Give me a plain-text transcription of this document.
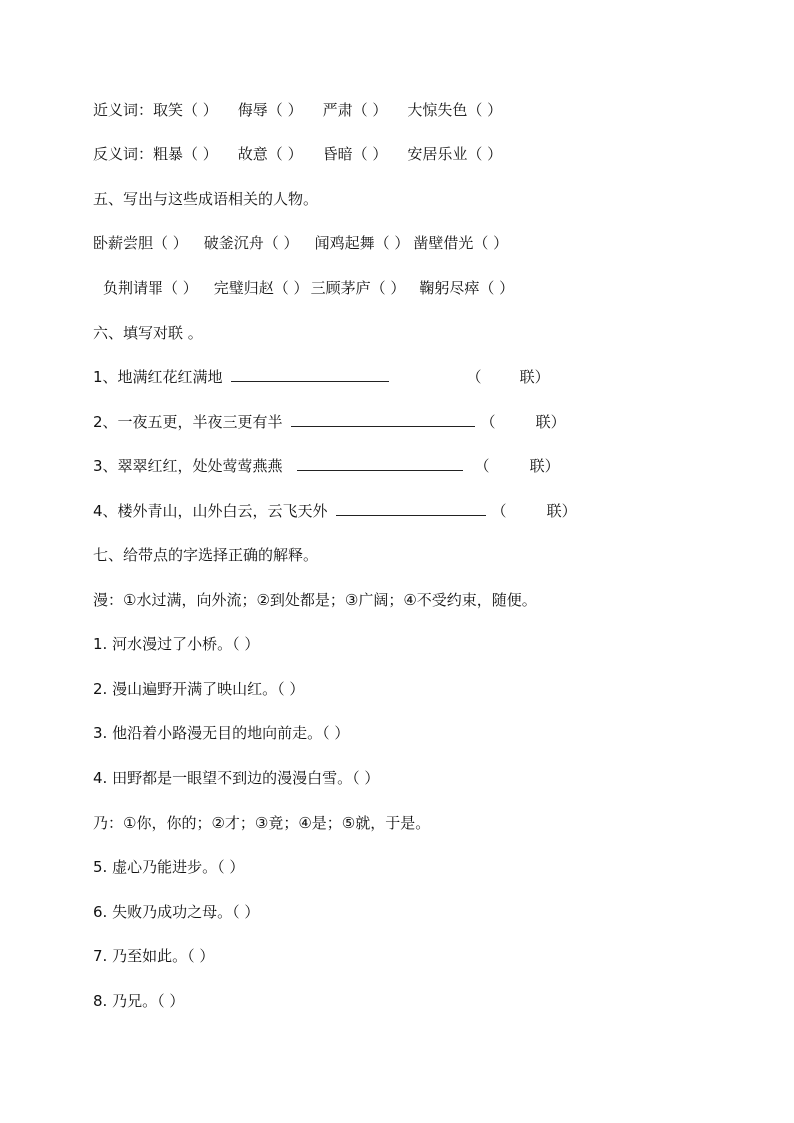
近义词：取笑（ ） 侮辱（ ） 严肃（ ） 大惊失色（ ）
反义词：粗暴（ ） 故意（ ） 昏暗（ ） 安居乐业（ ）
五、写出与这些成语相关的人物。
卧薪尝胆（ ） 破釜沉舟（ ） 闻鸡起舞（ ） 凿壁借光（ ）
负荆请罪（ ） 完璧归赵（ ） 三顾茅庐（ ） 鞠躬尽瘁（ ）
六、填写对联 。
1、地满红花红满地	（	联）
2、一夜五更，半夜三更有半	（	联）
3、翠翠红红，处处莺莺燕燕	（	联）
4、楼外青山，山外白云，云飞天外	（	联）
七、给带点的字选择正确的解释。
漫：①水过满，向外流；②到处都是；③广阔；④不受约束，随便。
1. 河水漫过了小桥。（ ）
2. 漫山遍野开满了映山红。（ ）
3. 他沿着小路漫无目的地向前走。（ ）
4. 田野都是一眼望不到边的漫漫白雪。（ ）
乃：①你，你的；②才；③竟；④是；⑤就，于是。
5. 虚心乃能进步。（ ）
6. 失败乃成功之母。（ ）
7. 乃至如此。（ ）
8. 乃兄。（ ）
